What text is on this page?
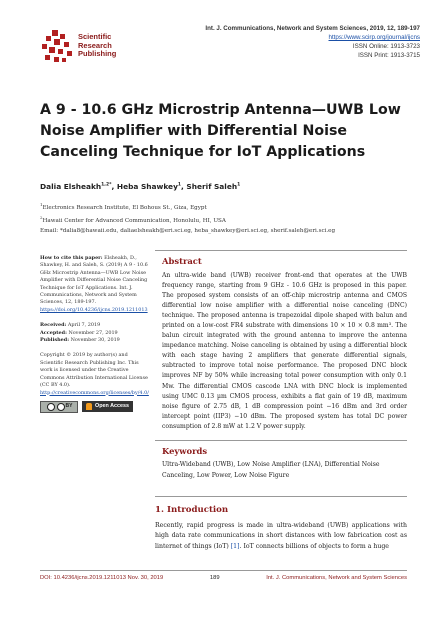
Scientific
Research
Publishing
Int. J. Communications, Network and System Sciences, 2019, 12, 189-197
https://www.scirp.org/journal/ijcns
ISSN Online: 1913-3723
ISSN Print: 1913-3715
A 9 - 10.6 GHz Microstrip Antenna—UWB Low Noise Amplifier with Differential Noise Canceling Technique for IoT Applications
Dalia Elsheakh$^{1,2*}$, Heba Shawkey$^1$, Sherif Saleh$^1$
$^1$Electronics Research Institute, El Bohous St., Giza, Egypt
$^2$Hawaii Center for Advanced Communication, Honolulu, HI, USA
Email: *dalia8@hawaii.edu, daliaelsheakh@eri.sci.eg, heba_shawkey@eri.sci.eg, sherif.saleh@eri.sci.eg
How to cite this paper: Elsheakh, D., Shawkey, H. and Saleh, S. (2019) A 9 - 10.6 GHz Microstrip Antenna—UWB Low Noise Amplifier with Differential Noise Canceling Technique for IoT Applications. Int. J. Communications, Network and System Sciences, 12, 189-197.
https://doi.org/10.4236/ijcns.2019.1211013
Received: April 7, 2019
Accepted: November 27, 2019
Published: November 30, 2019
Copyright © 2019 by author(s) and Scientific Research Publishing Inc. This work is licensed under the Creative Commons Attribution International License (CC BY 4.0).
http://creativecommons.org/licenses/by/4.0/
BY	Open Access
Abstract
An ultra-wide band (UWB) receiver front-end that operates at the UWB frequency range, starting from 9 GHz - 10.6 GHz is proposed in this paper. The proposed system consists of an off-chip microstrip antenna and CMOS differential low noise amplifier with a differential noise canceling (DNC) technique. The proposed antenna is trapezoidal dipole shaped with balun and printed on a low-cost FR4 substrate with dimensions 10 × 10 × 0.8 mm³. The balun circuit integrated with the ground antenna to improve the antenna impedance matching. Noise canceling is obtained by using a differential block with each stage having 2 amplifiers that generate differential signals, subtracted to improve total noise performance. The proposed DNC block improves NF by 50% while increasing total power consumption with only 0.1 Mw. The differential CMOS cascode LNA with DNC block is implemented using UMC 0.13 µm CMOS process, exhibits a flat gain of 19 dB, maximum noise figure of 2.75 dB, 1 dB compression point −16 dBm and 3rd order intercept point (IIP3) −10 dBm. The proposed system has total DC power consumption of 2.8 mW at 1.2 V power supply.
Keywords
Ultra-Wideband (UWB), Low Noise Amplifier (LNA), Differential Noise Canceling, Low Power, Low Noise Figure
1. Introduction
Recently, rapid progress is made in ultra-wideband (UWB) applications with high data rate communications in short distances with low fabrication cost as linternet of things (IoT) [1]. IoT connects billions of objects to form a huge
DOI: 10.4236/ijcns.2019.1211013 Nov. 30, 2019	189	Int. J. Communications, Network and System Sciences
